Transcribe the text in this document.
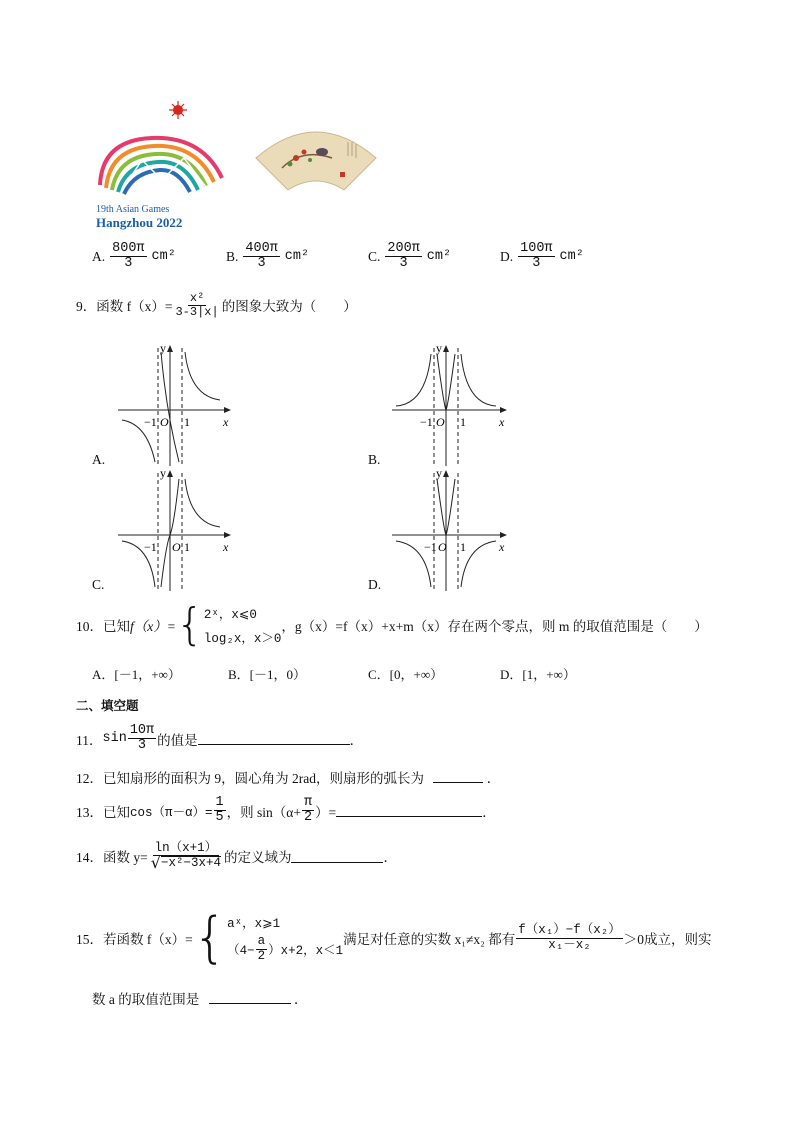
19th Asian Games
Hangzhou 2022
A. $\frac{800\pi}{3} cm^2$	B. $\frac{400\pi}{3} cm^2$	C. $\frac{200\pi}{3} cm^2$	D. $\frac{100\pi}{3} cm^2$
9．函数 $f(x)= \frac{\text{x²}}{3-3|x|}$ 的图象大致为（　　）
A.
y
x
−1 O 1
B.
y
x
−1 O 1
C.
y
x
−1 O 1
D.
y
x
−1 O 1
10．已知 f（x）= { 2ˣ，x⩽0
log₂x，x＞0
，g（x）=f（x）+x+m（x）存在两个零点，则 m 的取值范围是（　　）
A．[－1，+∞）	B．[－1，0）	C．[0，+∞）	D．[1，+∞）
二、填空题
11． $\sin \frac{10\pi}{3}$ 的值是	．
12．已知扇形的面积为 9，圆心角为 2rad，则扇形的弧长为	．
13．已知 $\cos(\pi-\alpha)= \frac{1}{5}$ ，则 $\sin(\alpha+ \frac{\pi}{2}$ ）=	．
14．函数 $y= \frac{\ln(x+1)}{\text{√ −x²−3x+4}}$ 的定义域为	．
15．若函数 f（x）= { aˣ，x⩾1
$(4- \frac{a}{2} )x+2$，x＜1
满足对任意的实数 x₁≠x₂ 都有 $\frac{\text{f（x₁）−f（x₂）}}{\text{x₁－x₂}} >0$成立，则实
数 a 的取值范围是	．
